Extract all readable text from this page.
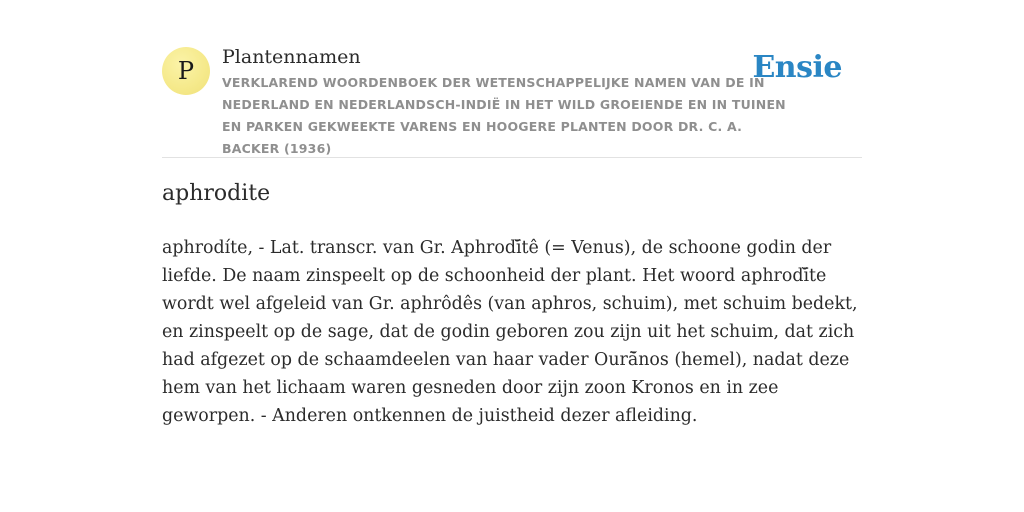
P	Plantennamen
VERKLAREND WOORDENBOEK DER WETENSCHAPPELIJKE NAMEN VAN DE IN NEDERLAND EN NEDERLANDSCH-INDIË IN HET WILD GROEIENDE EN IN TUINEN EN PARKEN GEKWEEKTE VARENS EN HOOGERE PLANTEN DOOR DR. C. A. BACKER (1936)
Ensie
aphrodite

aphrodíte, - Lat. transcr. van Gr. Aphrodī̆tê (= Venus), de schoone godin der liefde. De naam zinspeelt op de schoonheid der plant. Het woord aphrodī̆te wordt wel afgeleid van Gr. aphrôdês (van aphros, schuim), met schuim bedekt, en zinspeelt op de sage, dat de godin geboren zou zijn uit het schuim, dat zich had afgezet op de schaamdeelen van haar vader Ourā̆nos (hemel), nadat deze hem van het lichaam waren gesneden door zijn zoon Kronos en in zee geworpen. - Anderen ontkennen de juistheid dezer afleiding.
